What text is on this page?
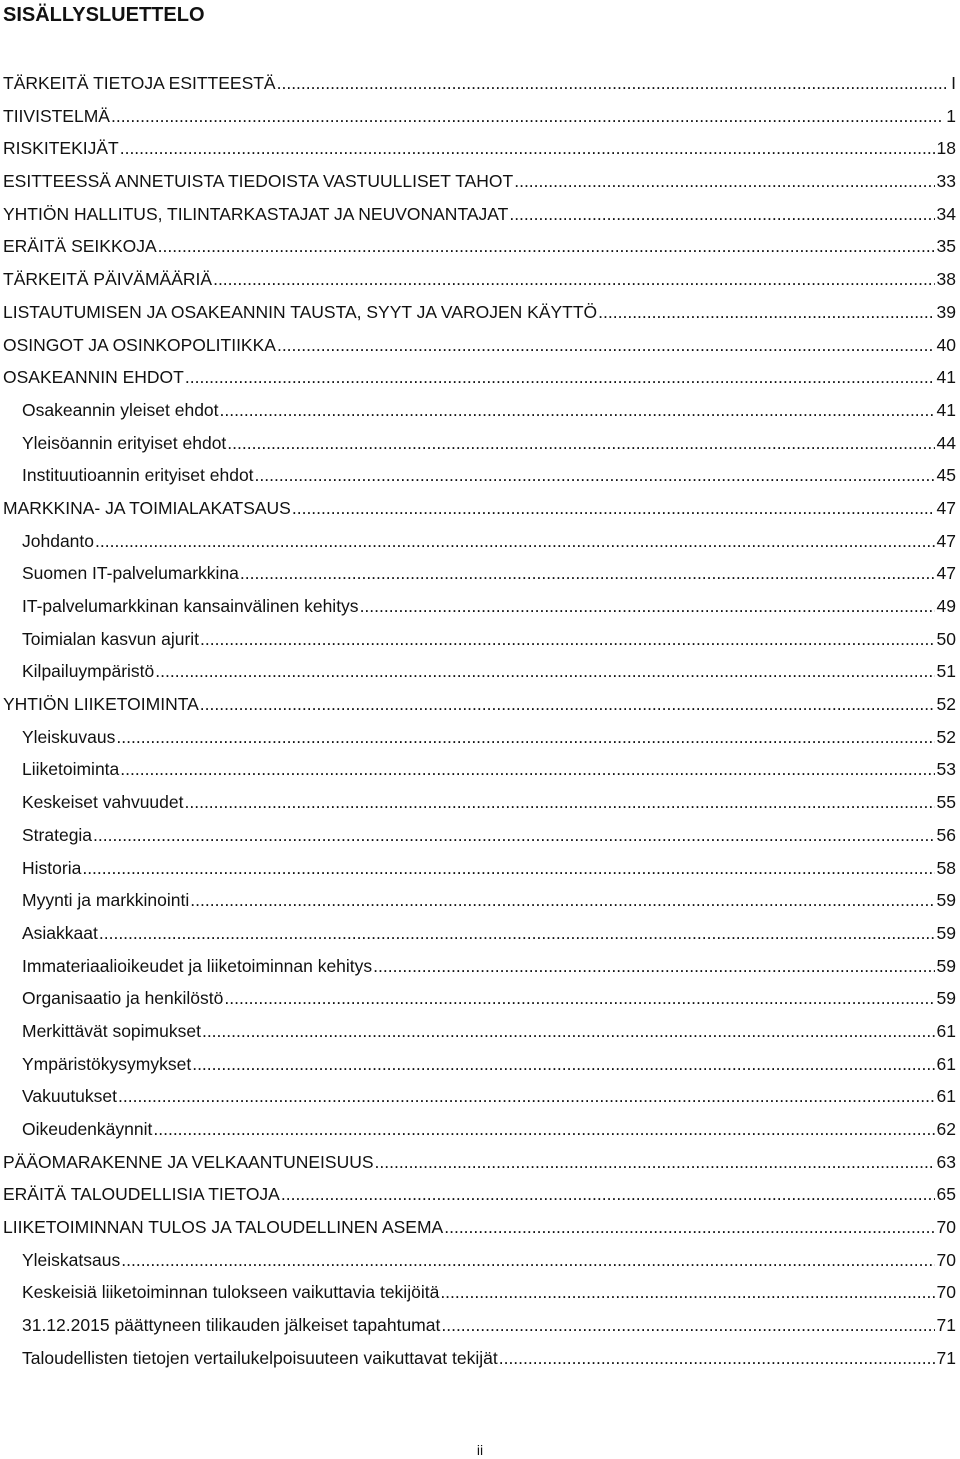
SISÄLLYSLUETTELO
TÄRKEITÄ TIETOJA ESITTEESTÄ .....	I
TIIVISTELMÄ .....	1
RISKITEKIJÄT .....	18
ESITTEESSÄ ANNETUISTA TIEDOISTA VASTUULLISET TAHOT .....	33
YHTIÖN HALLITUS, TILINTARKASTAJAT JA NEUVONANTAJAT .....	34
ERÄITÄ SEIKKOJA .....	35
TÄRKEITÄ PÄIVÄMÄÄRIÄ .....	38
LISTAUTUMISEN JA OSAKEANNIN TAUSTA, SYYT JA VAROJEN KÄYTTÖ .....	39
OSINGOT JA OSINKOPOLITIIKKA .....	40
OSAKEANNIN EHDOT .....	41
Osakeannin yleiset ehdot .....	41
Yleisöannin erityiset ehdot .....	44
Instituutioannin erityiset ehdot .....	45
MARKKINA- JA TOIMIALAKATSAUS .....	47
Johdanto .....	47
Suomen IT-palvelumarkkina .....	47
IT-palvelumarkkinan kansainvälinen kehitys .....	49
Toimialan kasvun ajurit .....	50
Kilpailuympäristö .....	51
YHTIÖN LIIKETOIMINTA .....	52
Yleiskuvaus .....	52
Liiketoiminta .....	53
Keskeiset vahvuudet .....	55
Strategia .....	56
Historia .....	58
Myynti ja markkinointi .....	59
Asiakkaat .....	59
Immateriaalioikeudet ja liiketoiminnan kehitys .....	59
Organisaatio ja henkilöstö .....	59
Merkittävät sopimukset .....	61
Ympäristökysymykset .....	61
Vakuutukset .....	61
Oikeudenkäynnit .....	62
PÄÄOMARAKENNE JA VELKAANTUNEISUUS .....	63
ERÄITÄ TALOUDELLISIA TIETOJA .....	65
LIIKETOIMINNAN TULOS JA TALOUDELLINEN ASEMA .....	70
Yleiskatsaus .....	70
Keskeisiä liiketoiminnan tulokseen vaikuttavia tekijöitä .....	70
31.12.2015 päättyneen tilikauden jälkeiset tapahtumat .....	71
Taloudellisten tietojen vertailukelpoisuuteen vaikuttavat tekijät .....	71
ii
